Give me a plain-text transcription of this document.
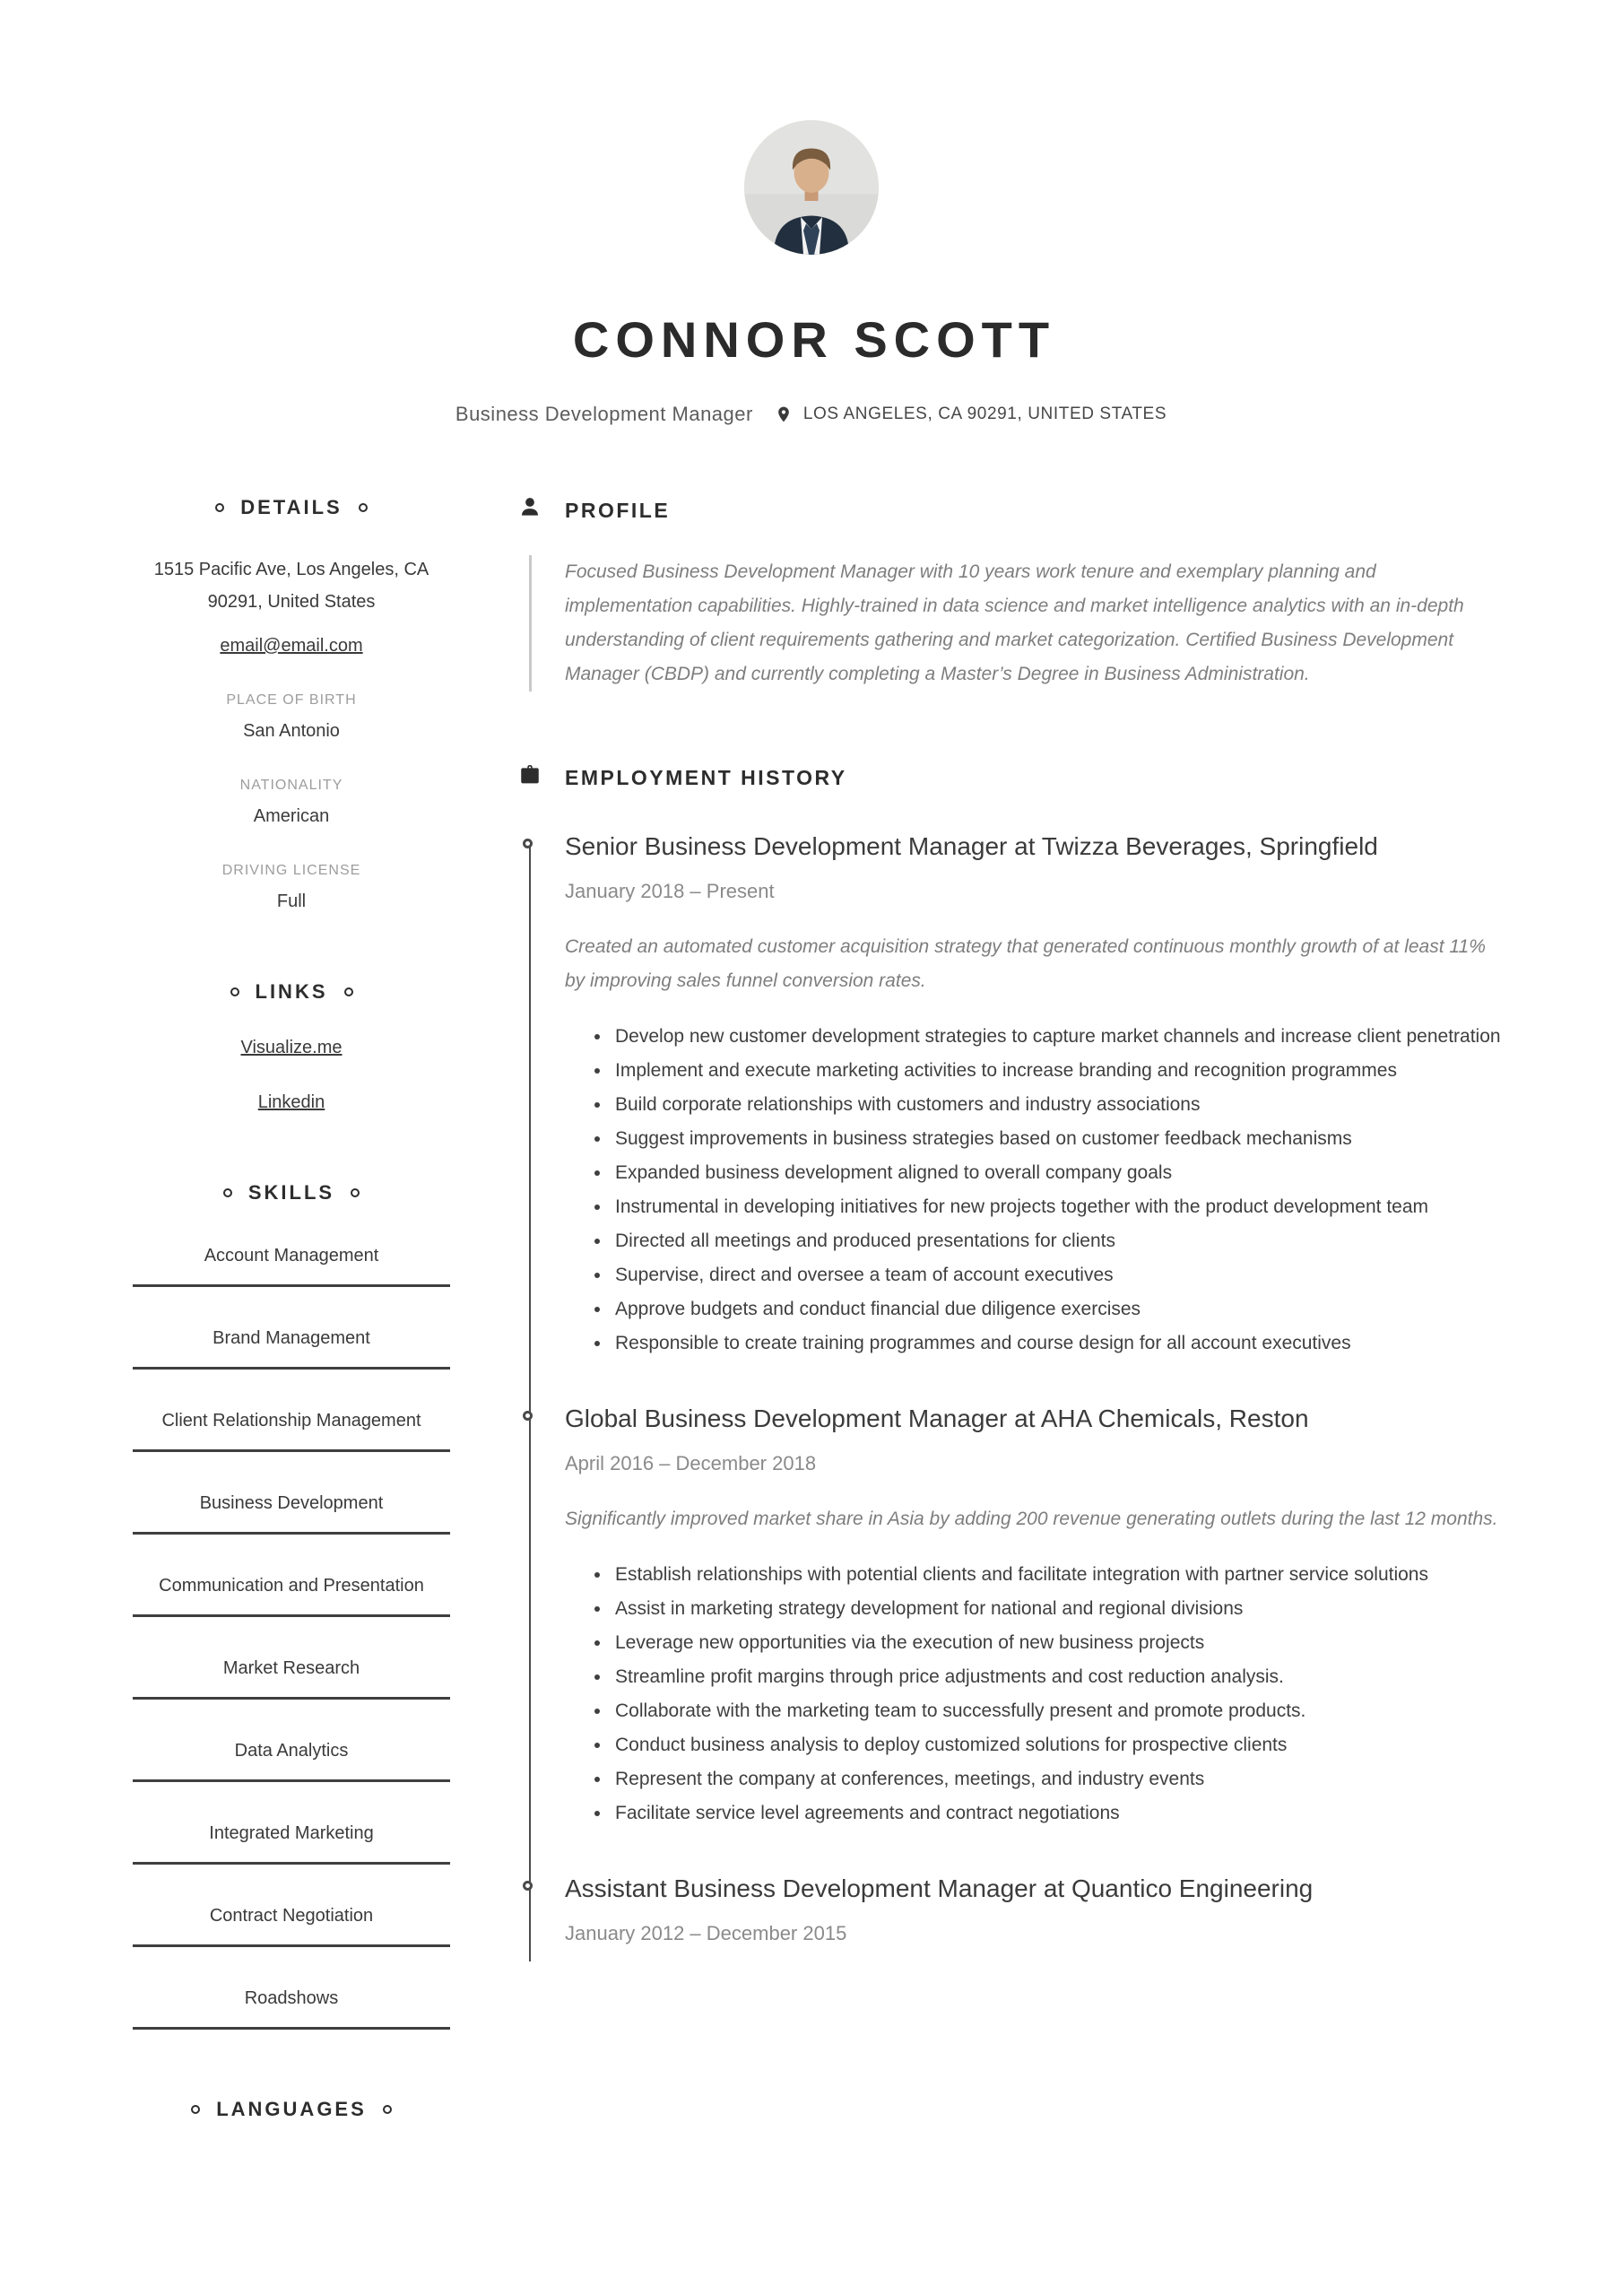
CONNOR SCOTT
Business Development Manager	LOS ANGELES, CA 90291, UNITED STATES
DETAILS
1515 Pacific Ave, Los Angeles, CA
90291, United States
email@email.com
PLACE OF BIRTH
San Antonio
NATIONALITY
American
DRIVING LICENSE
Full
LINKS
Visualize.me
Linkedin
SKILLS
Account Management
Brand Management
Client Relationship Management
Business Development
Communication and Presentation
Market Research
Data Analytics
Integrated Marketing
Contract Negotiation
Roadshows
LANGUAGES
PROFILE

Focused Business Development Manager with 10 years work tenure and exemplary planning and implementation capabilities. Highly-trained in data science and market intelligence analytics with an in-depth understanding of client requirements gathering and market categorization. Certified Business Development Manager (CBDP) and currently completing a Master’s Degree in Business Administration.

EMPLOYMENT HISTORY
Senior Business Development Manager at Twizza Beverages, Springfield
January 2018 – Present

Created an automated customer acquisition strategy that generated continuous monthly growth of at least 11% by improving sales funnel conversion rates.

• Develop new customer development strategies to capture market channels and increase client penetration
• Implement and execute marketing activities to increase branding and recognition programmes
• Build corporate relationships with customers and industry associations
• Suggest improvements in business strategies based on customer feedback mechanisms
• Expanded business development aligned to overall company goals
• Instrumental in developing initiatives for new projects together with the product development team
• Directed all meetings and produced presentations for clients
• Supervise, direct and oversee a team of account executives
• Approve budgets and conduct financial due diligence exercises
• Responsible to create training programmes and course design for all account executives
Global Business Development Manager at AHA Chemicals, Reston
April 2016 – December 2018

Significantly improved market share in Asia by adding 200 revenue generating outlets during the last 12 months.

• Establish relationships with potential clients and facilitate integration with partner service solutions
• Assist in marketing strategy development for national and regional divisions
• Leverage new opportunities via the execution of new business projects
• Streamline profit margins through price adjustments and cost reduction analysis.
• Collaborate with the marketing team to successfully present and promote products.
• Conduct business analysis to deploy customized solutions for prospective clients
• Represent the company at conferences, meetings, and industry events
• Facilitate service level agreements and contract negotiations
Assistant Business Development Manager at Quantico Engineering
January 2012 – December 2015
